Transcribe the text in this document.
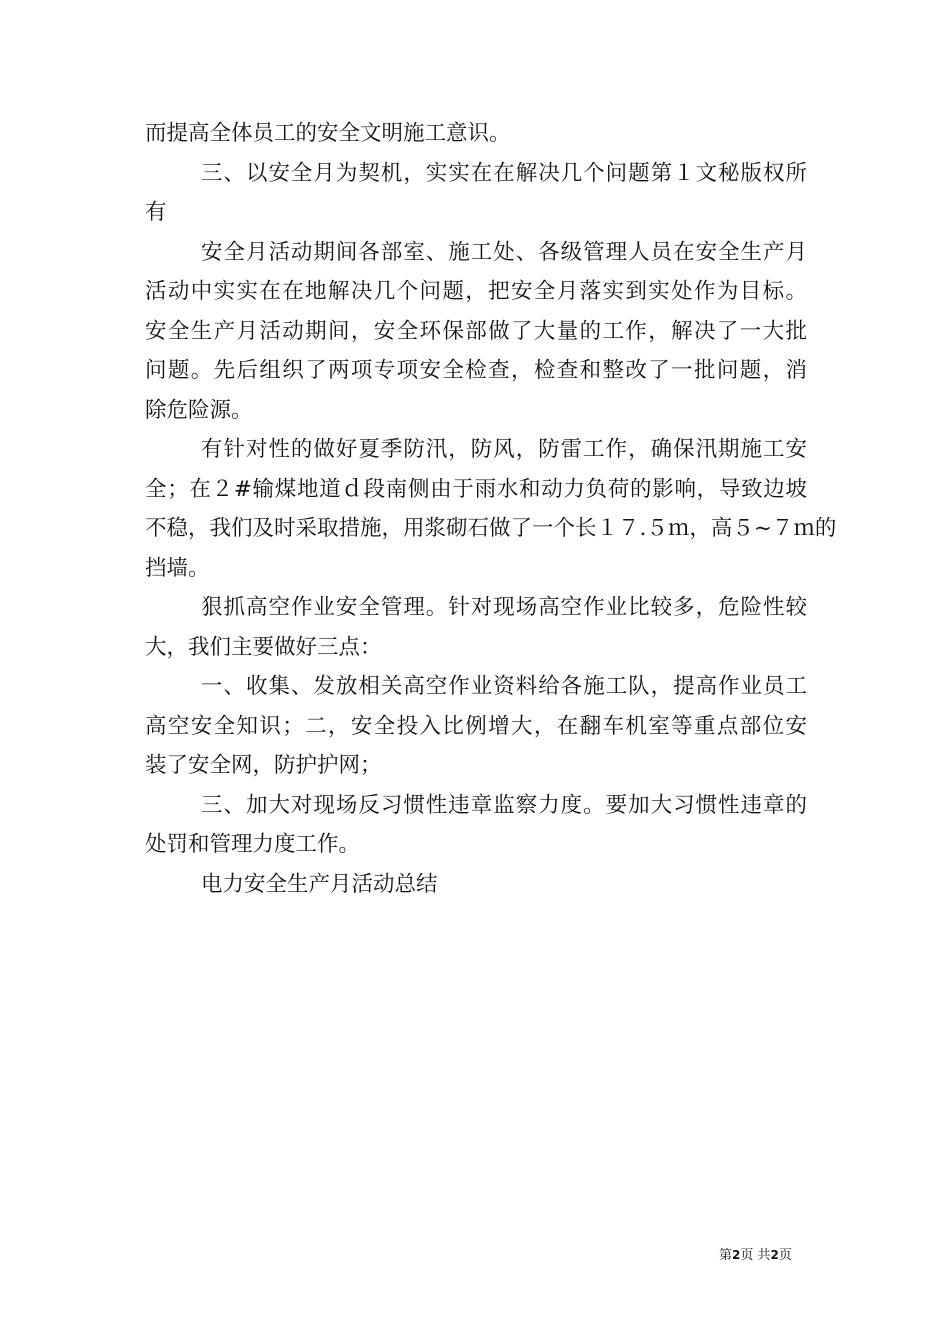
而提高全体员工的安全文明施工意识。
三、以安全月为契机，实实在在解决几个问题第１文秘版权所
有
安全月活动期间各部室、施工处、各级管理人员在安全生产月
活动中实实在在地解决几个问题，把安全月落实到实处作为目标。
安全生产月活动期间，安全环保部做了大量的工作，解决了一大批
问题。先后组织了两项专项安全检查，检查和整改了一批问题，消
除危险源。
有针对性的做好夏季防汛，防风，防雷工作，确保汛期施工安
全；在２#输煤地道ｄ段南侧由于雨水和动力负荷的影响，导致边坡
不稳，我们及时采取措施，用浆砌石做了一个长１７.５ｍ，高５~７ｍ的
挡墙。
狠抓高空作业安全管理。针对现场高空作业比较多，危险性较
大，我们主要做好三点：
一、收集、发放相关高空作业资料给各施工队，提高作业员工
高空安全知识；二，安全投入比例增大，在翻车机室等重点部位安
装了安全网，防护护网；
三、加大对现场反习惯性违章监察力度。要加大习惯性违章的
处罚和管理力度工作。
电力安全生产月活动总结
第2页 共2页
